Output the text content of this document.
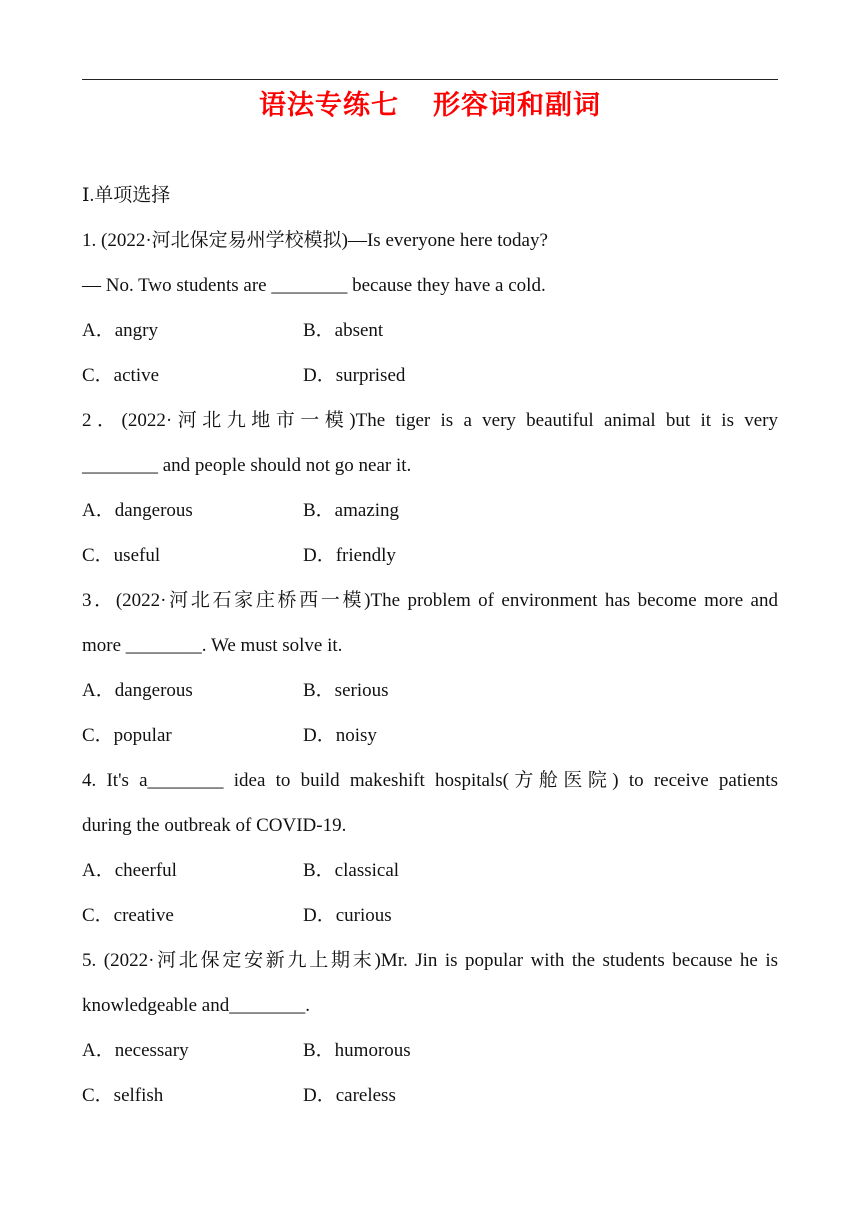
语法专练七 形容词和副词
Ⅰ.单项选择
1. (2022·河北保定易州学校模拟)—Is everyone here today?
— No. Two students are ________ because they have a cold.
A．angry	B．absent
C．active	D．surprised
2．(2022·河北九地市一模)The tiger is a very beautiful animal but it is very
________ and people should not go near it.
A．dangerous	B．amazing
C．useful	D．friendly
3．(2022·河北石家庄桥西一模)The problem of environment has become more and
more ________. We must solve it.
A．dangerous	B．serious
C．popular	D．noisy
4. It's a________ idea to build makeshift hospitals(方舱医院) to receive patients
during the outbreak of COVID-19.
A．cheerful	B．classical
C．creative	D．curious
5. (2022·河北保定安新九上期末)Mr. Jin is popular with the students because he is
knowledgeable and________.
A．necessary	B．humorous
C．selfish	D．careless
